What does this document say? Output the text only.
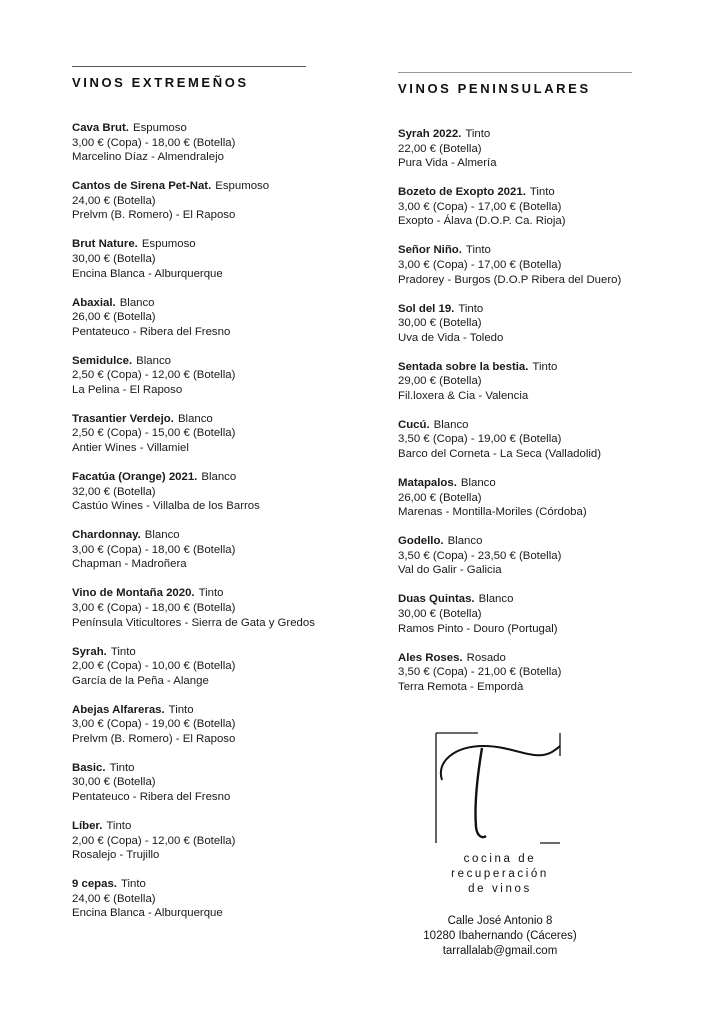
VINOS EXTREMEÑOS
Cava Brut. Espumoso
3,00 € (Copa) - 18,00 € (Botella)
Marcelino Díaz - Almendralejo
Cantos de Sirena Pet-Nat. Espumoso
24,00 € (Botella)
Prelvm (B. Romero) - El Raposo
Brut Nature. Espumoso
30,00 € (Botella)
Encina Blanca - Alburquerque
Abaxial. Blanco
26,00 € (Botella)
Pentateuco - Ribera del Fresno
Semidulce. Blanco
2,50 € (Copa) - 12,00 € (Botella)
La Pelina - El Raposo
Trasantier Verdejo. Blanco
2,50 € (Copa) - 15,00 € (Botella)
Antier Wines - Villamiel
Facatúa (Orange) 2021. Blanco
32,00 € (Botella)
Castúo Wines - Villalba de los Barros
Chardonnay. Blanco
3,00 € (Copa) - 18,00 € (Botella)
Chapman - Madroñera
Vino de Montaña 2020. Tinto
3,00 € (Copa) - 18,00 € (Botella)
Península Viticultores - Sierra de Gata y Gredos
Syrah. Tinto
2,00 € (Copa) - 10,00 € (Botella)
García de la Peña - Alange
Abejas Alfareras. Tinto
3,00 € (Copa) - 19,00 € (Botella)
Prelvm (B. Romero) - El Raposo
Basic. Tinto
30,00 € (Botella)
Pentateuco - Ribera del Fresno
Líber. Tinto
2,00 € (Copa) - 12,00 € (Botella)
Rosalejo - Trujillo
9 cepas. Tinto
24,00 € (Botella)
Encina Blanca - Alburquerque
VINOS PENINSULARES
Syrah 2022. Tinto
22,00 € (Botella)
Pura Vida - Almería
Bozeto de Exopto 2021. Tinto
3,00 € (Copa) - 17,00 € (Botella)
Exopto - Álava (D.O.P. Ca. Rioja)
Señor Niño. Tinto
3,00 € (Copa) - 17,00 € (Botella)
Pradorey - Burgos (D.O.P Ribera del Duero)
Sol del 19. Tinto
30,00 € (Botella)
Uva de Vida - Toledo
Sentada sobre la bestia. Tinto
29,00 € (Botella)
Fil.loxera & Cia - Valencia
Cucú. Blanco
3,50 € (Copa) - 19,00 € (Botella)
Barco del Corneta - La Seca (Valladolid)
Matapalos. Blanco
26,00 € (Botella)
Marenas - Montilla-Moriles (Córdoba)
Godello. Blanco
3,50 € (Copa) - 23,50 € (Botella)
Val do Galir - Galicia
Duas Quintas. Blanco
30,00 € (Botella)
Ramos Pinto - Douro (Portugal)
Ales Roses. Rosado
3,50 € (Copa) - 21,00 € (Botella)
Terra Remota - Empordà
cocina de
recuperación
de vinos
Calle José Antonio 8
10280 Ibahernando (Cáceres)
tarrallalab@gmail.com
